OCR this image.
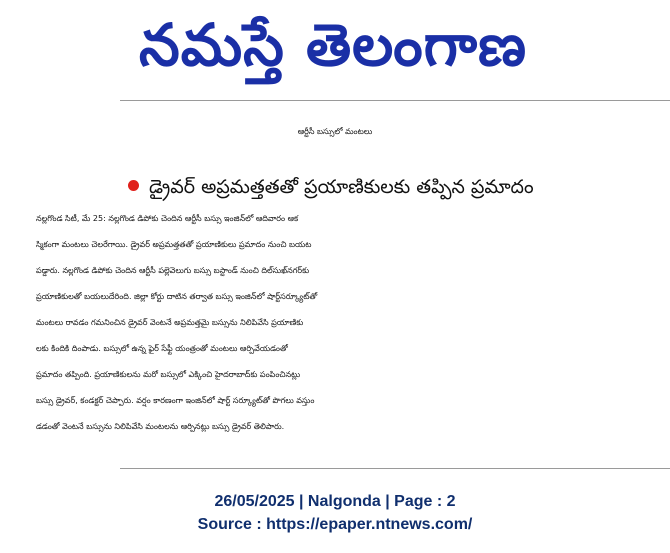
నమస్తే తెలంగాణ
ఆర్టీసీ బస్సులో మంటలు
డ్రైవర్ అప్రమత్తతతో ప్రయాణికులకు తప్పిన ప్రమాదం
నల్లగొండ సిటీ, మే 25: నల్లగొండ డిపోకు చెందిన ఆర్టీసీ బస్సు ఇంజిన్‌లో ఆదివారం ఆక
స్మికంగా మంటలు చెలరేగాయి. డ్రైవర్ అప్రమత్తతతో ప్రయాణికులు ప్రమాదం నుంచి బయట
పడ్డారు. నల్లగొండ డిపోకు చెందిన ఆర్టీసీ పల్లెవెలుగు బస్సు బస్టాండ్ నుంచి దిల్‌సుఖ్‌నగర్‌కు
ప్రయాణికులతో బయలుదేరింది. జిల్లా కోర్టు దాటిన తర్వాత బస్సు ఇంజిన్‌లో షార్ట్‌సర్క్యూట్‌తో
మంటలు రావడం గమనించిన డ్రైవర్ వెంటనే అప్రమత్తమై బస్సును నిలిపివేసి ప్రయాణికు
లకు కిందికి దింపాడు. బస్సులో ఉన్న ఫైర్ సేఫ్టీ యంత్రంతో మంటలు ఆర్పివేయడంతో
ప్రమాదం తప్పింది. ప్రయాణికులను మరో బస్సులో ఎక్కించి హైదరాబాద్‌కు పంపించినట్లు
బస్సు డ్రైవర్, కండక్టర్ చెప్పారు. వర్షం కారణంగా ఇంజిన్‌లో షార్ట్ సర్క్యూట్‌తో పొగలు వస్తుం
డడంతో వెంటనే బస్సును నిలిపివేసి మంటలను ఆర్పినట్లు బస్సు డ్రైవర్ తెలిపారు.
26/05/2025 | Nalgonda | Page : 2
Source : https://epaper.ntnews.com/
